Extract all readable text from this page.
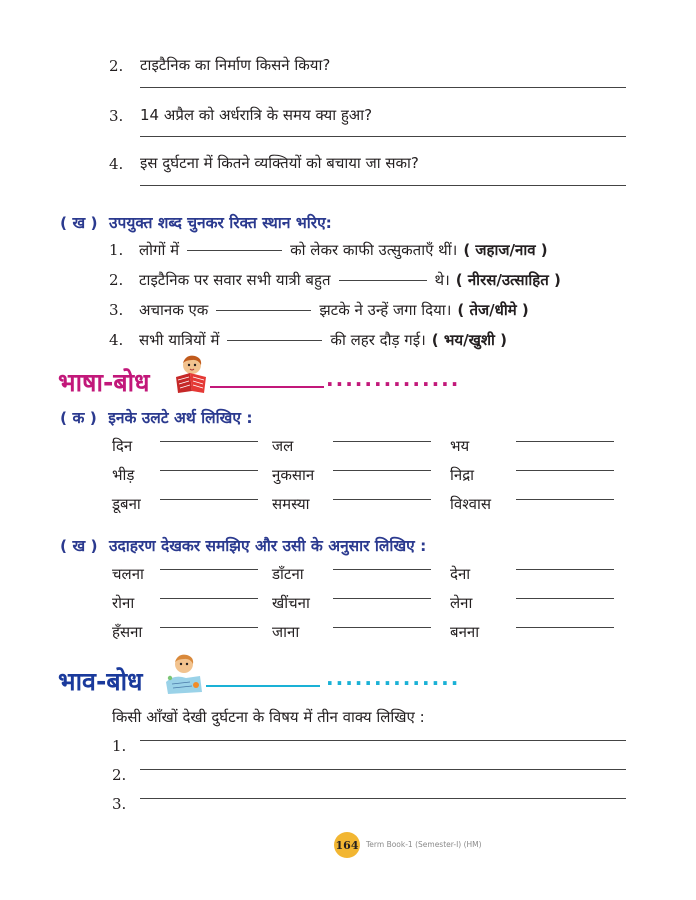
2. टाइटैनिक का निर्माण किसने किया?
3. 14 अप्रैल को अर्धरात्रि के समय क्या हुआ?
4. इस दुर्घटना में कितने व्यक्तियों को बचाया जा सका?
( ख ) उपयुक्त शब्द चुनकर रिक्त स्थान भरिए:
1.	लोगों में	को लेकर काफी उत्सुकताएँ थीं। ( जहाज/नाव )
2.	टाइटैनिक पर सवार सभी यात्री बहुत	थे। ( नीरस/उत्साहित )
3.	अचानक एक	झटके ने उन्हें जगा दिया। ( तेज/धीमे )
4.	सभी यात्रियों में	की लहर दौड़ गई। ( भय/खुशी )
भाषा-बोध	..............
( क ) इनके उलटे अर्थ लिखिए :
दिन	जल	भय
भीड़	नुकसान	निद्रा
डूबना	समस्या	विश्वास
( ख ) उदाहरण देखकर समझिए और उसी के अनुसार लिखिए :
चलना	डाँटना	देना
रोना	खींचना	लेना
हँसना	जाना	बनना
भाव-बोध	..............
किसी आँखों देखी दुर्घटना के विषय में तीन वाक्य लिखिए :
1.
2.
3.
164 Term Book-1 (Semester-I) (HM)
